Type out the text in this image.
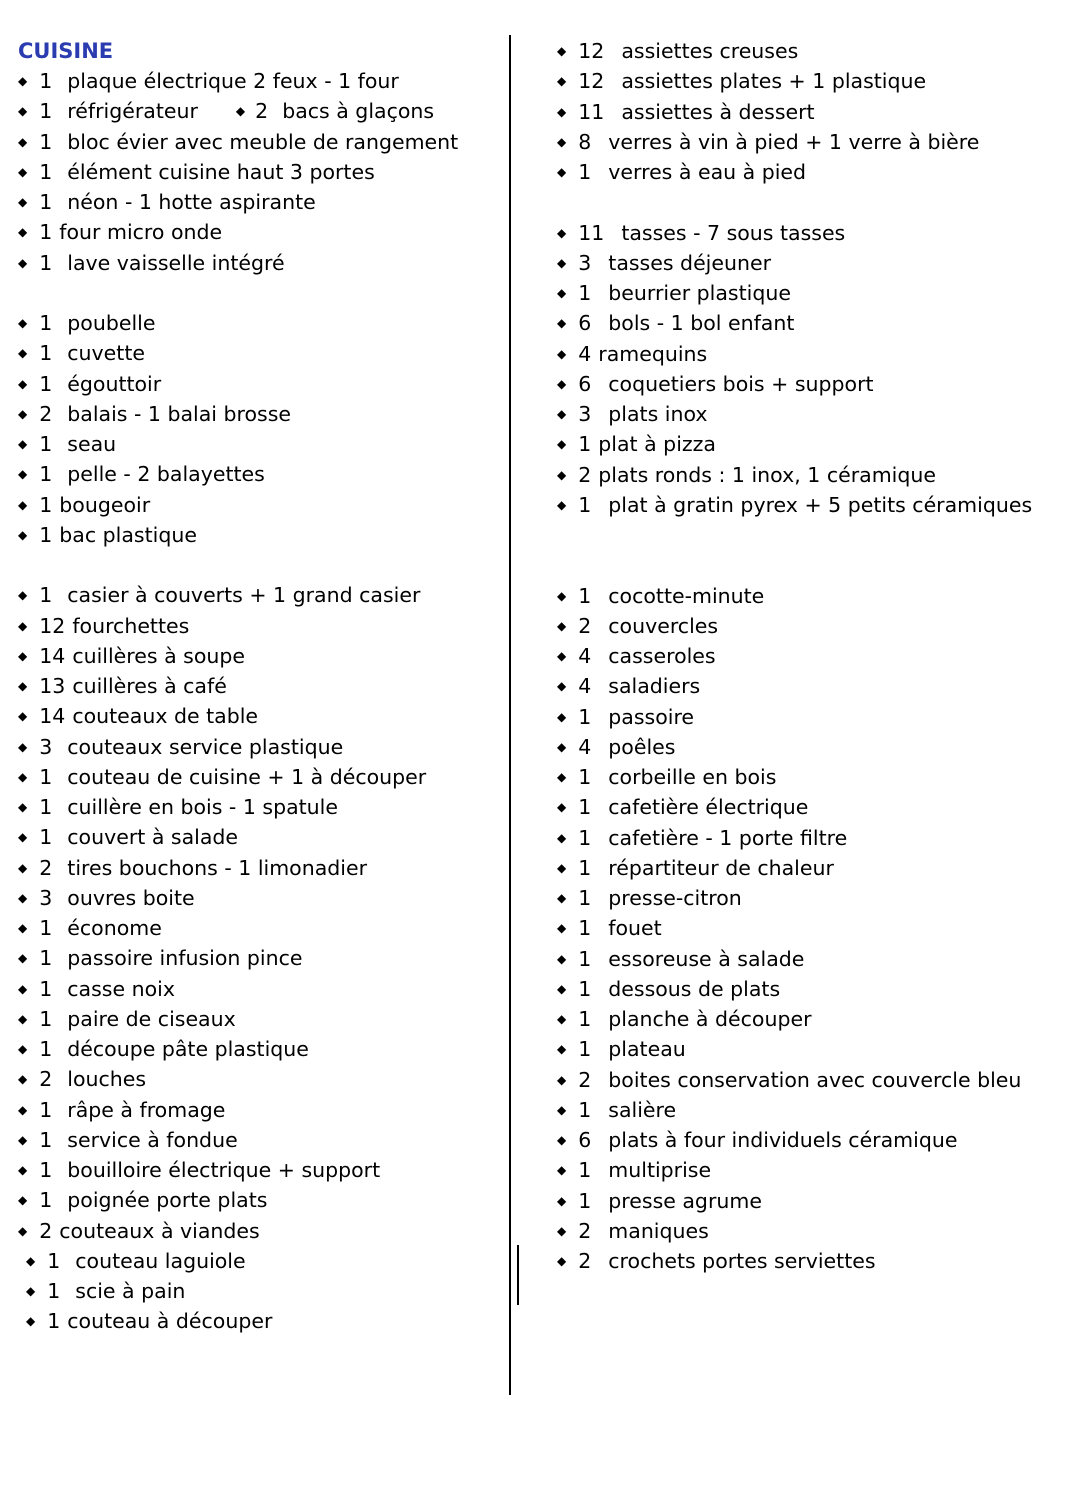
CUISINE
◆ 1 plaque électrique 2 feux - 1 four
◆ 1 réfrigérateur	◆ 2 bacs à glaçons
◆ 1 bloc évier avec meuble de rangement
◆ 1 élément cuisine haut 3 portes
◆ 1 néon - 1 hotte aspirante
◆ 1 four micro onde
◆ 1 lave vaisselle intégré
◆ 1 poubelle
◆ 1 cuvette
◆ 1 égouttoir
◆ 2 balais - 1 balai brosse
◆ 1 seau
◆ 1 pelle - 2 balayettes
◆ 1 bougeoir
◆ 1 bac plastique
◆ 1 casier à couverts + 1 grand casier
◆ 12 fourchettes
◆ 14 cuillères à soupe
◆ 13 cuillères à café
◆ 14 couteaux de table
◆ 3 couteaux service plastique
◆ 1 couteau de cuisine + 1 à découper
◆ 1 cuillère en bois - 1 spatule
◆ 1 couvert à salade
◆ 2 tires bouchons - 1 limonadier
◆ 3 ouvres boite
◆ 1 économe
◆ 1 passoire infusion pince
◆ 1 casse noix
◆ 1 paire de ciseaux
◆ 1 découpe pâte plastique
◆ 2 louches
◆ 1 râpe à fromage
◆ 1 service à fondue
◆ 1 bouilloire électrique + support
◆ 1 poignée porte plats
◆ 2 couteaux à viandes
◆ 1 couteau laguiole
◆ 1 scie à pain
◆ 1 couteau à découper
◆ 12 assiettes creuses
◆ 12 assiettes plates + 1 plastique
◆ 11 assiettes à dessert
◆ 8 verres à vin à pied + 1 verre à bière
◆ 1 verres à eau à pied
◆ 11 tasses - 7 sous tasses
◆ 3 tasses déjeuner
◆ 1 beurrier plastique
◆ 6 bols - 1 bol enfant
◆ 4 ramequins
◆ 6 coquetiers bois + support
◆ 3 plats inox
◆ 1 plat à pizza
◆ 2 plats ronds : 1 inox, 1 céramique
◆ 1 plat à gratin pyrex + 5 petits céramiques
◆ 1 cocotte-minute
◆ 2 couvercles
◆ 4 casseroles
◆ 4 saladiers
◆ 1 passoire
◆ 4 poêles
◆ 1 corbeille en bois
◆ 1 cafetière électrique
◆ 1 cafetière - 1 porte filtre
◆ 1 répartiteur de chaleur
◆ 1 presse-citron
◆ 1 fouet
◆ 1 essoreuse à salade
◆ 1 dessous de plats
◆ 1 planche à découper
◆ 1 plateau
◆ 2 boites conservation avec couvercle bleu
◆ 1 salière
◆ 6 plats à four individuels céramique
◆ 1 multiprise
◆ 1 presse agrume
◆ 2 maniques
◆ 2 crochets portes serviettes
